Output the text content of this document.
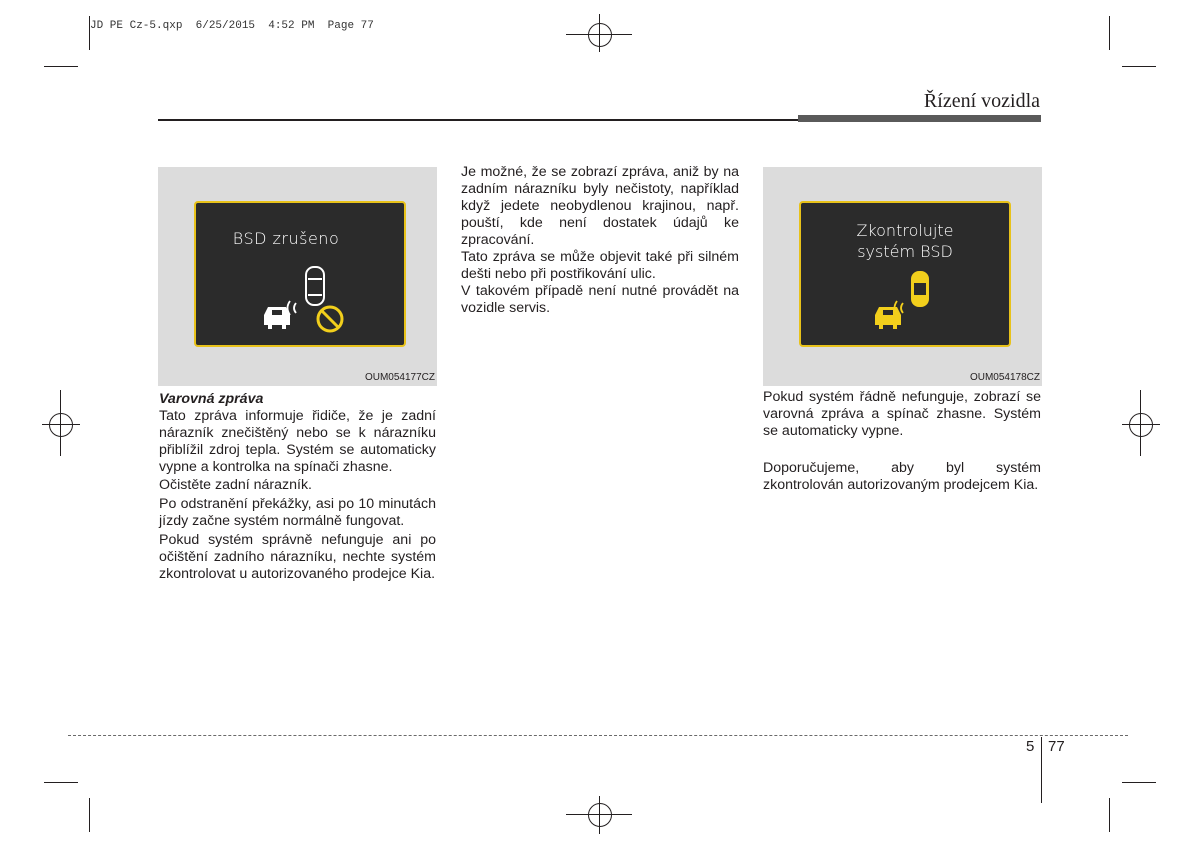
JD PE Cz-5.qxp  6/25/2015  4:52 PM  Page 77
Řízení vozidla
BSD zrušeno
OUM054177CZ
Zkontrolujte
systém BSD
OUM054178CZ

Varovná zpráva

Tato zpráva informuje řidiče, že je zadní nárazník znečištěný nebo se k nárazníku přiblížil zdroj tepla. Systém se automaticky vypne a kontrolka na spínači zhasne.

Očistěte zadní nárazník.

Po odstranění překážky, asi po 10 minutách jízdy začne systém normálně fungovat.

Pokud systém správně nefunguje ani po očištění zadního nárazníku, nechte systém zkontrolovat u autorizovaného prodejce Kia.

Je možné, že se zobrazí zpráva, aniž by na zadním nárazníku byly nečistoty, například když jedete neobydlenou krajinou, např. pouští, kde není dostatek údajů ke zpracování.

Tato zpráva se může objevit také při silném dešti nebo při postřikování ulic.

V takovém případě není nutné provádět na vozidle servis.

Pokud systém řádně nefunguje, zobrazí se varovná zpráva a spínač zhasne. Systém se automaticky vypne.

Doporučujeme, aby byl systém zkontrolován autorizovaným prodejcem Kia.

5 77
